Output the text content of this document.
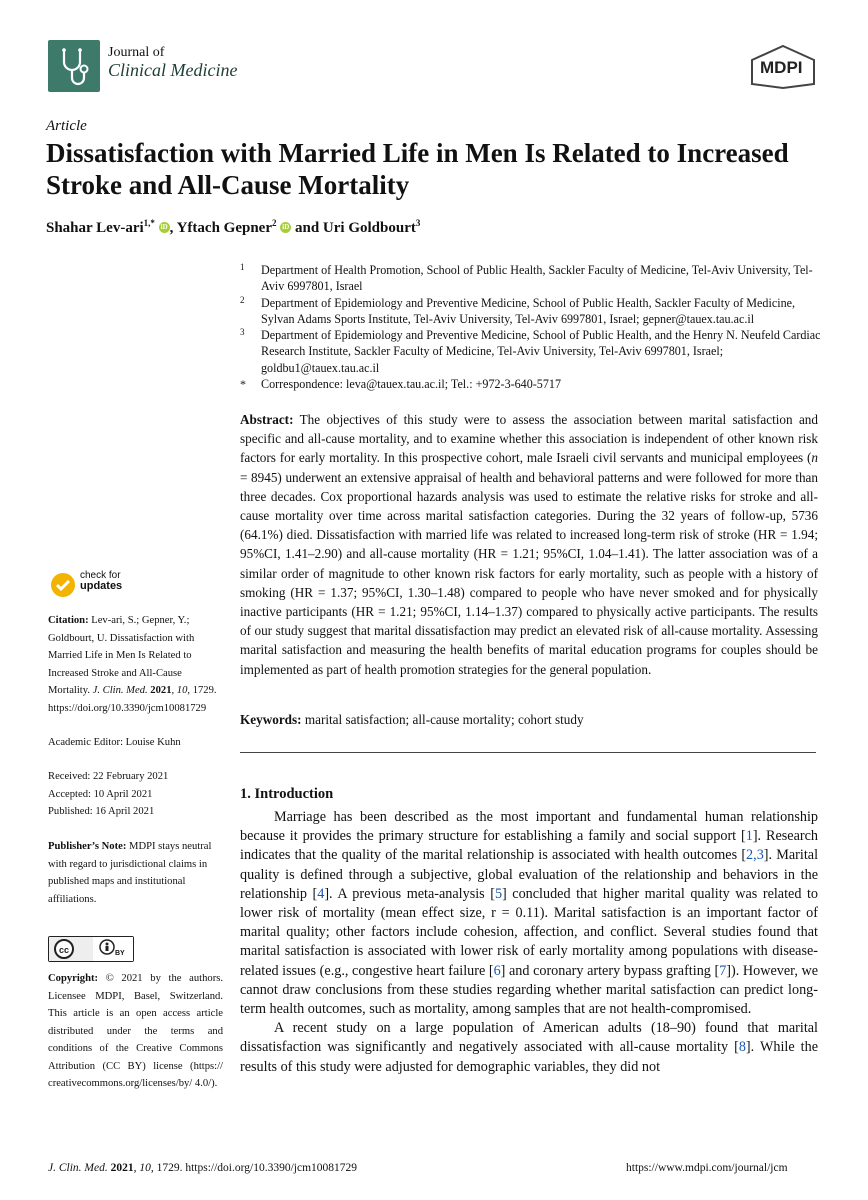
Journal of
Clinical Medicine	MDPI
Article
Dissatisfaction with Married Life in Men Is Related to Increased Stroke and All-Cause Mortality
Shahar Lev-ari$^{1,*}$ iD , Yftach Gepner$^2$ iD and Uri Goldbourt$^3$
1 Department of Health Promotion, School of Public Health, Sackler Faculty of Medicine, Tel-Aviv University, Tel-Aviv 6997801, Israel
2 Department of Epidemiology and Preventive Medicine, School of Public Health, Sackler Faculty of Medicine, Sylvan Adams Sports Institute, Tel-Aviv University, Tel-Aviv 6997801, Israel; gepner@tauex.tau.ac.il
3 Department of Epidemiology and Preventive Medicine, School of Public Health, and the Henry N. Neufeld Cardiac Research Institute, Sackler Faculty of Medicine, Tel-Aviv University, Tel-Aviv 6997801, Israel; goldbu1@tauex.tau.ac.il
* Correspondence: leva@tauex.tau.ac.il; Tel.: +972-3-640-5717
Abstract: The objectives of this study were to assess the association between marital satisfaction and specific and all-cause mortality, and to examine whether this association is independent of other known risk factors for early mortality. In this prospective cohort, male Israeli civil servants and municipal employees (n = 8945) underwent an extensive appraisal of health and behavioral patterns and were followed for more than three decades. Cox proportional hazards analysis was used to estimate the relative risks for stroke and all-cause mortality over time across marital satisfaction categories. During the 32 years of follow-up, 5736 (64.1%) died. Dissatisfaction with married life was related to increased long-term risk of stroke (HR = 1.94; 95%CI, 1.41–2.90) and all-cause mortality (HR = 1.21; 95%CI, 1.04–1.41). The latter association was of a similar order of magnitude to other known risk factors for early mortality, such as people with a history of smoking (HR = 1.37; 95%CI, 1.30–1.48) compared to people who have never smoked and for physically inactive participants (HR = 1.21; 95%CI, 1.14–1.37) compared to physically active participants. The results of our study suggest that marital dissatisfaction may predict an elevated risk of all-cause mortality. Assessing marital satisfaction and measuring the health benefits of marital education programs for couples should be implemented as part of health promotion strategies for the general population.
Keywords: marital satisfaction; all-cause mortality; cohort study
check for
updates
Citation: Lev-ari, S.; Gepner, Y.; Goldbourt, U. Dissatisfaction with Married Life in Men Is Related to Increased Stroke and All-Cause Mortality. J. Clin. Med. 2021, 10, 1729. https://doi.org/10.3390/jcm10081729
Academic Editor: Louise Kuhn
Received: 22 February 2021
Accepted: 10 April 2021
Published: 16 April 2021
Publisher’s Note: MDPI stays neutral with regard to jurisdictional claims in published maps and institutional affiliations.
cc	BY
Copyright: © 2021 by the authors. Licensee MDPI, Basel, Switzerland. This article is an open access article distributed under the terms and conditions of the Creative Commons Attribution (CC BY) license (https:// creativecommons.org/licenses/by/ 4.0/).
1. Introduction

Marriage has been described as the most important and fundamental human relationship because it provides the primary structure for establishing a family and social support [1]. Research indicates that the quality of the marital relationship is associated with health outcomes [2,3]. Marital quality is defined through a subjective, global evaluation of the relationship and behaviors in the relationship [4]. A previous meta-analysis [5] concluded that higher marital quality was related to lower risk of mortality (mean effect size, r = 0.11). Marital satisfaction is an important factor of marital quality; other factors include cohesion, affection, and conflict. Several studies found that marital satisfaction is associated with lower risk of early mortality among populations with disease-related issues (e.g., congestive heart failure [6] and coronary artery bypass grafting [7]). However, we cannot draw conclusions from these studies regarding whether marital satisfaction can predict long-term health outcomes, such as mortality, among samples that are not health-compromised.

A recent study on a large population of American adults (18–90) found that marital dissatisfaction was significantly and negatively associated with all-cause mortality [8]. While the results of this study were adjusted for demographic variables, they did not

J. Clin. Med. 2021, 10, 1729. https://doi.org/10.3390/jcm10081729	https://www.mdpi.com/journal/jcm
